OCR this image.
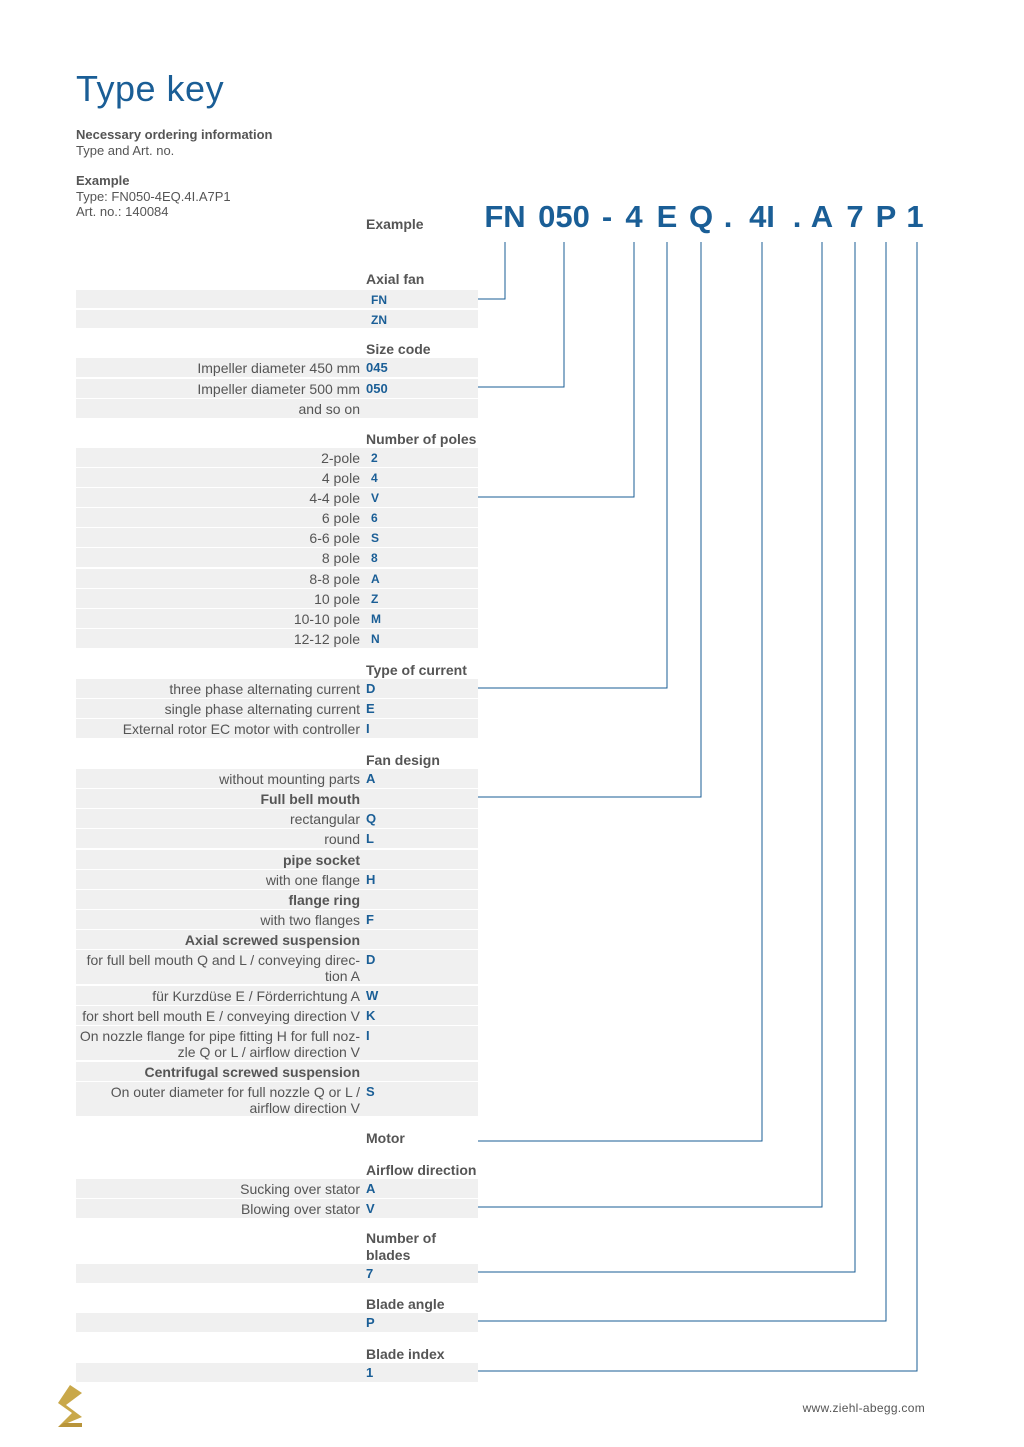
Type key
Necessary ordering information
Type and Art. no.
Example
Type: FN050-4EQ.4I.A7P1
Art. no.: 140084
Example FN 050 - 4 E Q . 4I . A 7 P 1
Axial fan
FN
ZN
Size code
Impeller diameter 450 mm 045
Impeller diameter 500 mm 050
and so on
Number of poles
2-pole 2
4 pole 4
4-4 pole V
6 pole 6
6-6 pole S
8 pole 8
8-8 pole A
10 pole Z
10-10 pole M
12-12 pole N
Type of current
three phase alternating current D
single phase alternating current E
External rotor EC motor with controller I
Fan design
without mounting parts A
Full bell mouth
rectangular Q
round L
pipe socket
with one flange H
flange ring
with two flanges F
Axial screwed suspension
for full bell mouth Q and L / conveying direc-
tion A
D
für Kurzdüse E / Förderrichtung A W
for short bell mouth E / conveying direction V K
On nozzle flange for pipe fitting H for full noz-
zle Q or L / airflow direction V
I
Centrifugal screwed suspension
On outer diameter for full nozzle Q or L /
airflow direction V
S
Motor
Airflow direction
Sucking over stator A
Blowing over stator V
Number of blades
7
Blade angle
P
Blade index
1
www.ziehl-abegg.com
